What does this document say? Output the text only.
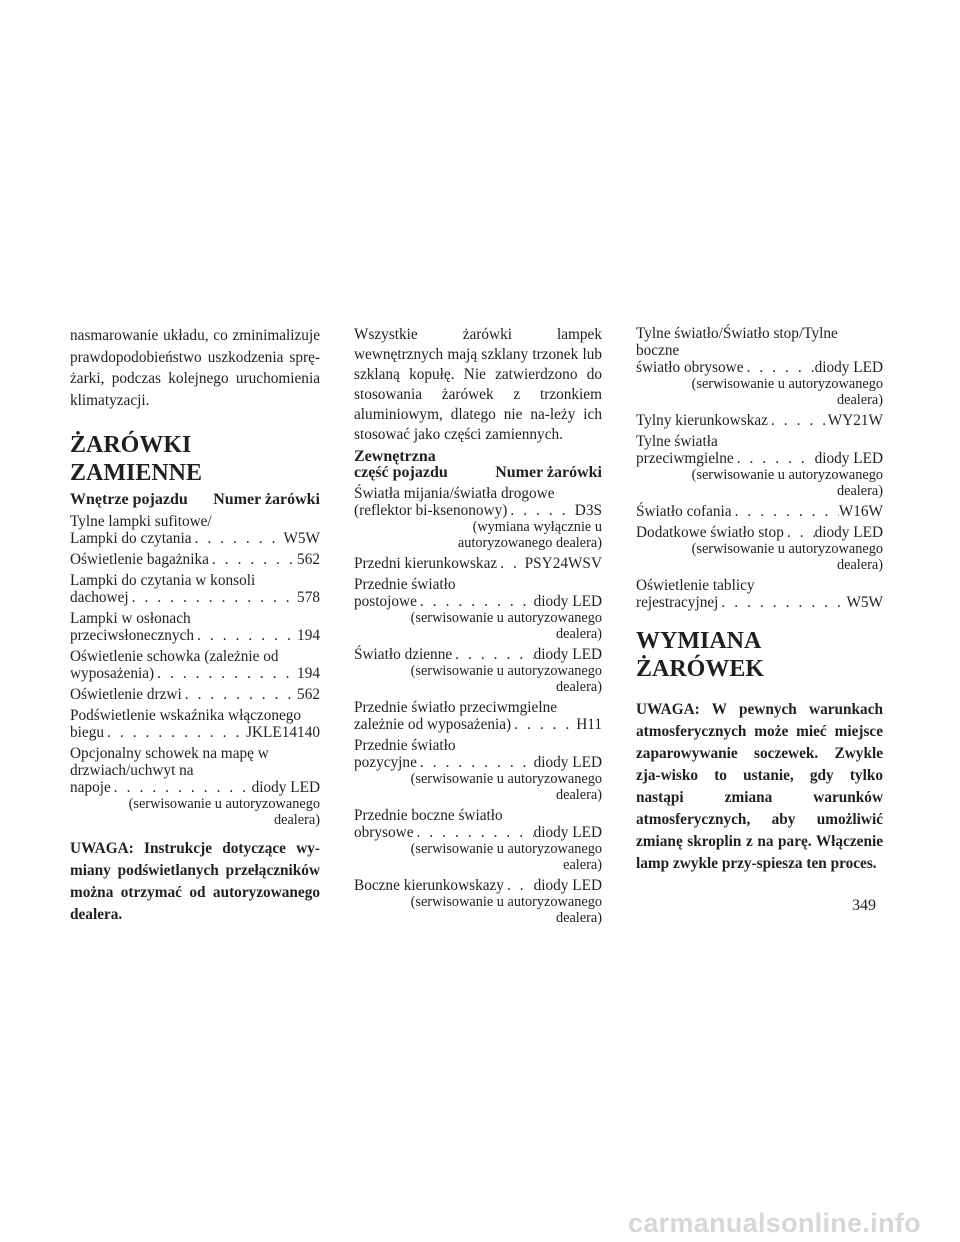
nasmarowanie układu, co zminimalizuje prawdopodobieństwo uszkodzenia sprę-żarki, podczas kolejnego uruchomienia klimatyzacji.

ŻARÓWKI ZAMIENNE
Wnętrze pojazdu Numer żarówki
Tylne lampki sufitowe/
Lampki do czytania . . .	W5W
Oświetlenie bagażnika . . .	562
Lampki do czytania w konsoli
dachowej . . .	578
Lampki w osłonach
przeciwsłonecznych . . .	194
Oświetlenie schowka (zależnie od
wyposażenia) . . .	194
Oświetlenie drzwi . . .	562
Podświetlenie wskaźnika włączonego
biegu . . .	JKLE14140
Opcjonalny schowek na mapę w
drzwiach/uchwyt na
napoje . . .	diody LED
(serwisowanie u autoryzowanego
dealera)

UWAGA: Instrukcje dotyczące wy-miany podświetlanych przełączników można otrzymać od autoryzowanego dealera.

Wszystkie żarówki lampek wewnętrznych mają szklany trzonek lub szklaną kopułę. Nie zatwierdzono do stosowania żarówek z trzonkiem aluminiowym, dlatego nie na-leży ich stosować jako części zamiennych.

Zewnętrzna
część pojazdu	Numer żarówki
Światła mijania/światła drogowe
(reflektor bi-ksenonowy) . . .	D3S
(wymiana wyłącznie u
autoryzowanego dealera)
Przedni kierunkowskaz . . . PSY24WSV
Przednie światło
postojowe . . .	diody LED
(serwisowanie u autoryzowanego
dealera)
Światło dzienne . . .	diody LED
(serwisowanie u autoryzowanego
dealera)
Przednie światło przeciwmgielne
zależnie od wyposażenia) . . .	H11
Przednie światło
pozycyjne . . .	diody LED
(serwisowanie u autoryzowanego
dealera)
Przednie boczne światło
obrysowe . . .	diody LED
(serwisowanie u autoryzowanego
ealera)
Boczne kierunkowskazy . . . diody LED
(serwisowanie u autoryzowanego
dealera)
Tylne światło/Światło stop/Tylne boczne
światło obrysowe . . .	diody LED
(serwisowanie u autoryzowanego
dealera)
Tylny kierunkowskaz . . .	WY21W
Tylne światła
przeciwmgielne . . .	diody LED
(serwisowanie u autoryzowanego
dealera)
Światło cofania . . .	W16W
Dodatkowe światło stop . . . diody LED
(serwisowanie u autoryzowanego
dealera)
Oświetlenie tablicy
rejestracyjnej . . .	W5W
WYMIANA ŻARÓWEK

UWAGA: W pewnych warunkach atmosferycznych może mieć miejsce zaparowywanie soczewek. Zwykle zja-wisko to ustanie, gdy tylko nastąpi zmiana warunków atmosferycznych, aby umożliwić zmianę skroplin z na parę. Włączenie lamp zwykle przy-spiesza ten proces.

349
carmanualsonline.info
